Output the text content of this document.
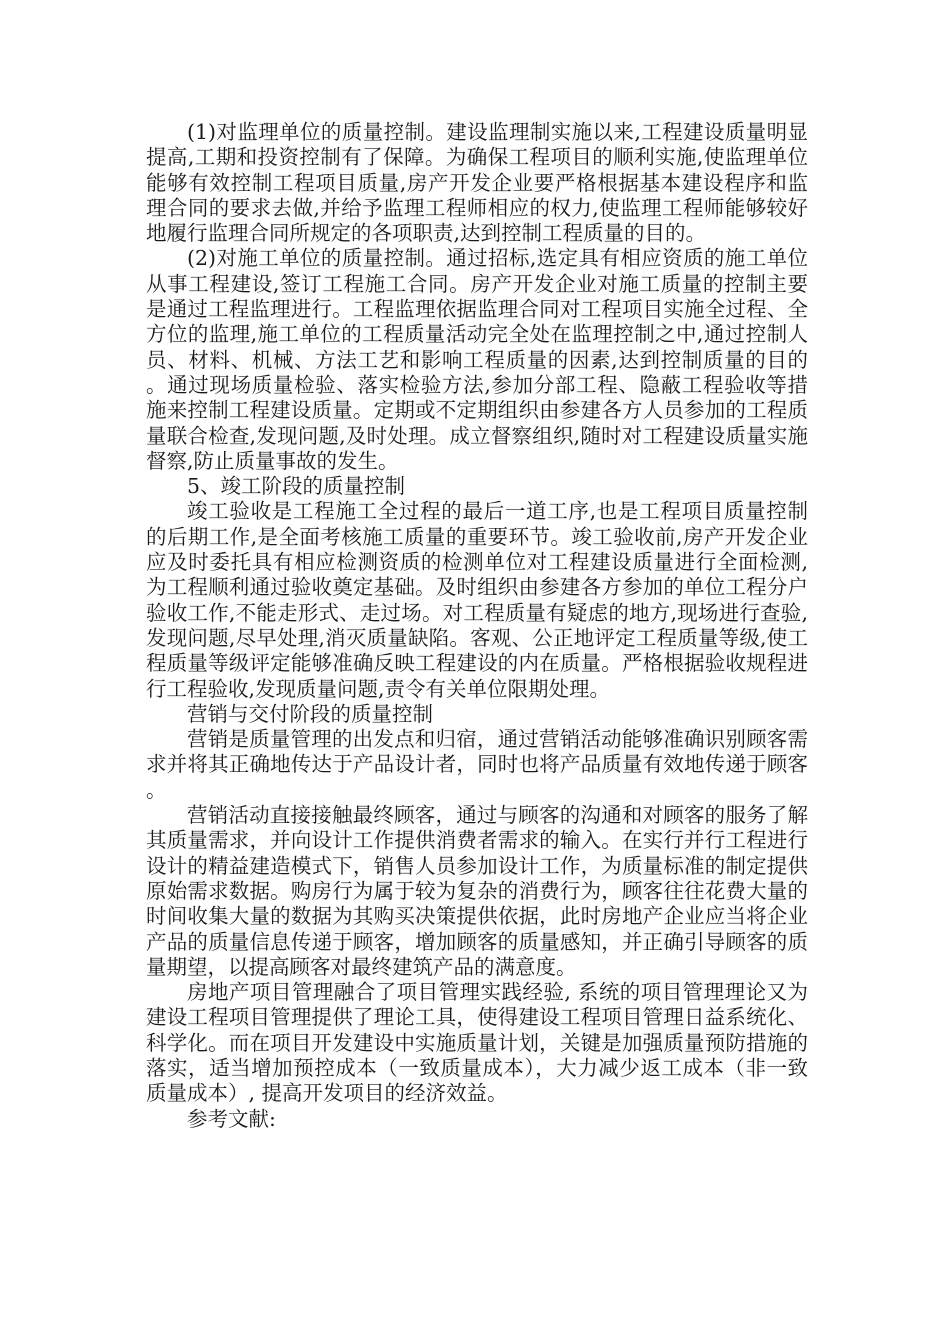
(1)对监理单位的质量控制。建设监理制实施以来,工程建设质量明显提高,工期和投资控制有了保障。为确保工程项目的顺利实施,使监理单位能够有效控制工程项目质量,房产开发企业要严格根据基本建设程序和监理合同的要求去做,并给予监理工程师相应的权力,使监理工程师能够较好地履行监理合同所规定的各项职责,达到控制工程质量的目的。

(2)对施工单位的质量控制。通过招标,选定具有相应资质的施工单位从事工程建设,签订工程施工合同。房产开发企业对施工质量的控制主要是通过工程监理进行。工程监理依据监理合同对工程项目实施全过程、全方位的监理,施工单位的工程质量活动完全处在监理控制之中,通过控制人员、材料、机械、方法工艺和影响工程质量的因素,达到控制质量的目的。通过现场质量检验、落实检验方法,参加分部工程、隐蔽工程验收等措施来控制工程建设质量。定期或不定期组织由参建各方人员参加的工程质量联合检查,发现问题,及时处理。成立督察组织,随时对工程建设质量实施督察,防止质量事故的发生。

5、竣工阶段的质量控制

竣工验收是工程施工全过程的最后一道工序,也是工程项目质量控制的后期工作,是全面考核施工质量的重要环节。竣工验收前,房产开发企业应及时委托具有相应检测资质的检测单位对工程建设质量进行全面检测,为工程顺利通过验收奠定基础。及时组织由参建各方参加的单位工程分户验收工作,不能走形式、走过场。对工程质量有疑虑的地方,现场进行查验,发现问题,尽早处理,消灭质量缺陷。客观、公正地评定工程质量等级,使工程质量等级评定能够准确反映工程建设的内在质量。严格根据验收规程进行工程验收,发现质量问题,责令有关单位限期处理。

营销与交付阶段的质量控制

营销是质量管理的出发点和归宿，通过营销活动能够准确识别顾客需求并将其正确地传达于产品设计者，同时也将产品质量有效地传递于顾客。

营销活动直接接触最终顾客，通过与顾客的沟通和对顾客的服务了解其质量需求，并向设计工作提供消费者需求的输入。在实行并行工程进行设计的精益建造模式下，销售人员参加设计工作，为质量标准的制定提供原始需求数据。购房行为属于较为复杂的消费行为，顾客往往花费大量的时间收集大量的数据为其购买决策提供依据，此时房地产企业应当将企业产品的质量信息传递于顾客，增加顾客的质量感知，并正确引导顾客的质量期望，以提高顾客对最终建筑产品的满意度。

房地产项目管理融合了项目管理实践经验, 系统的项目管理理论又为建设工程项目管理提供了理论工具，使得建设工程项目管理日益系统化、科学化。而在项目开发建设中实施质量计划，关键是加强质量预防措施的落实，适当增加预控成本（一致质量成本），大力减少返工成本（非一致质量成本）, 提高开发项目的经济效益。

参考文献:
